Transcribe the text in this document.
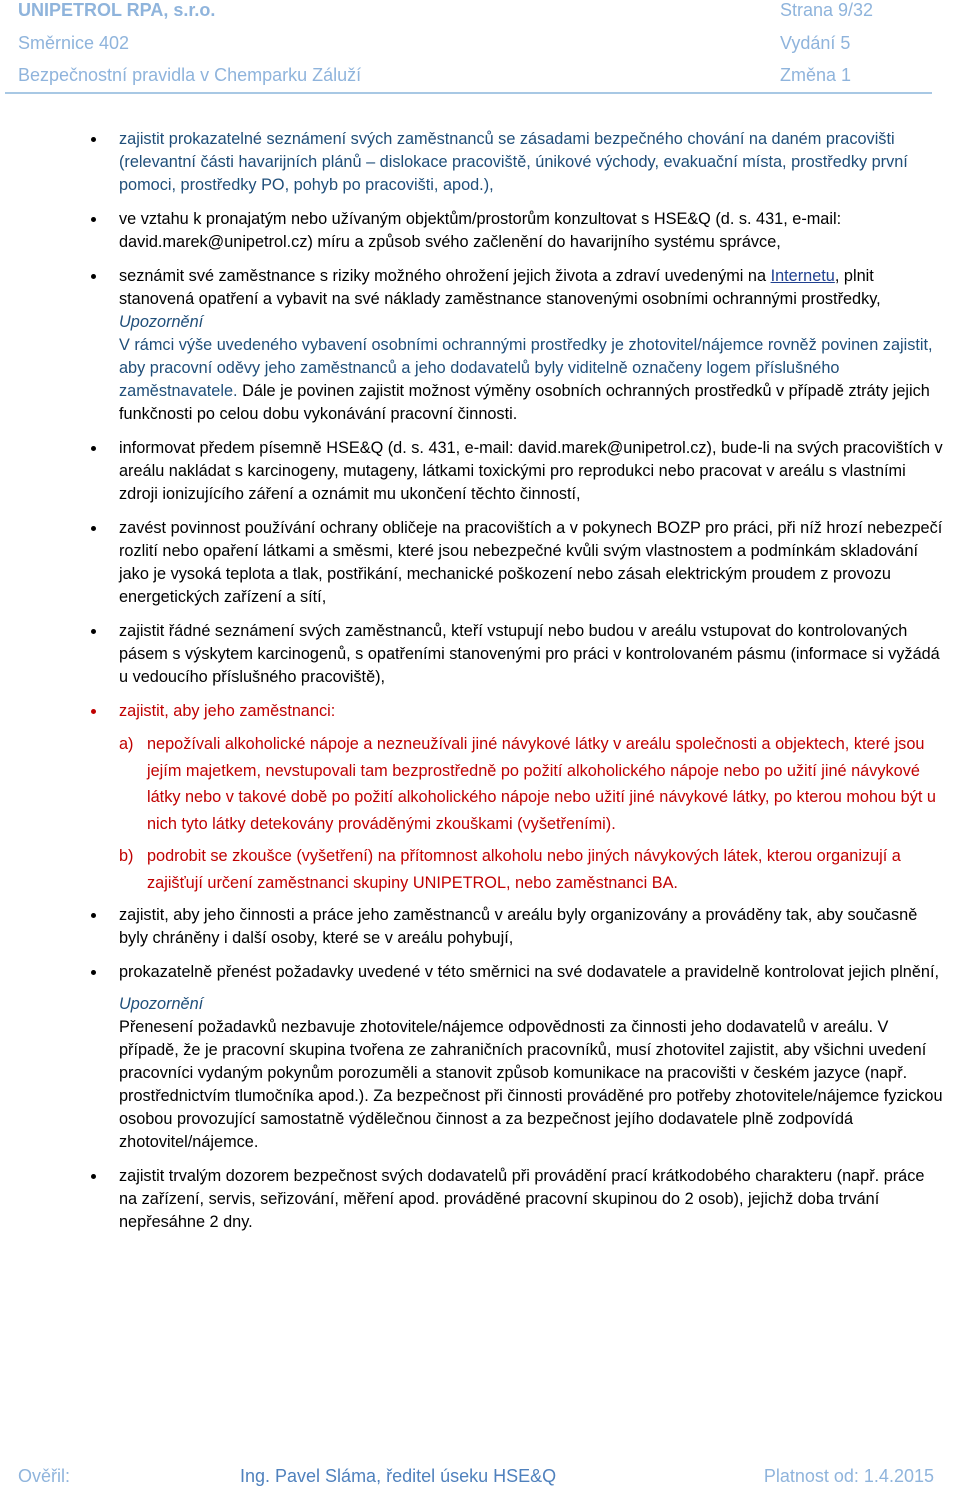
UNIPETROL RPA, s.r.o.	Strana 9/32
Směrnice 402	Vydání 5
Bezpečnostní pravidla v Chemparku Záluží	Změna 1
zajistit prokazatelné seznámení svých zaměstnanců se zásadami bezpečného chování na daném pracovišti (relevantní části havarijních plánů – dislokace pracoviště, únikové východy, evakuační místa, prostředky první pomoci, prostředky PO, pohyb po pracovišti, apod.),
ve vztahu k pronajatým nebo užívaným objektům/prostorům konzultovat s HSE&Q (d. s. 431, e-mail: david.marek@unipetrol.cz) míru a způsob svého začlenění do havarijního systému správce,
seznámit své zaměstnance s riziky možného ohrožení jejich života a zdraví uvedenými na Internetu, plnit stanovená opatření a vybavit na své náklady zaměstnance stanovenými osobními ochrannými prostředky,
Upozornění
V rámci výše uvedeného vybavení osobními ochrannými prostředky je zhotovitel/nájemce rovněž povinen zajistit, aby pracovní oděvy jeho zaměstnanců a jeho dodavatelů byly viditelně označeny logem příslušného zaměstnavatele. Dále je povinen zajistit možnost výměny osobních ochranných prostředků v případě ztráty jejich funkčnosti po celou dobu vykonávání pracovní činnosti.
informovat předem písemně HSE&Q (d. s. 431, e-mail: david.marek@unipetrol.cz), bude-li na svých pracovištích v areálu nakládat s karcinogeny, mutageny, látkami toxickými pro reprodukci nebo pracovat v areálu s vlastními zdroji ionizujícího záření a oznámit mu ukončení těchto činností,
zavést povinnost používání ochrany obličeje na pracovištích a v pokynech BOZP pro práci, při níž hrozí nebezpečí rozlití nebo opaření látkami a směsmi, které jsou nebezpečné kvůli svým vlastnostem a podmínkám skladování jako je vysoká teplota a tlak, postřikání, mechanické poškození nebo zásah elektrickým proudem z provozu energetických zařízení a sítí,
zajistit řádné seznámení svých zaměstnanců, kteří vstupují nebo budou v areálu vstupovat do kontrolovaných pásem s výskytem karcinogenů, s opatřeními stanovenými pro práci v kontrolovaném pásmu (informace si vyžádá u vedoucího příslušného pracoviště),
zajistit, aby jeho zaměstnanci:
a) nepožívali alkoholické nápoje a nezneužívali jiné návykové látky v areálu společnosti a objektech, které jsou jejím majetkem, nevstupovali tam bezprostředně po požití alkoholického nápoje nebo po užití jiné návykové látky nebo v takové době po požití alkoholického nápoje nebo užití jiné návykové látky, po kterou mohou být u nich tyto látky detekovány prováděnými zkouškami (vyšetřeními).
b) podrobit se zkoušce (vyšetření) na přítomnost alkoholu nebo jiných návykových látek, kterou organizují a zajišťují určení zaměstnanci skupiny UNIPETROL, nebo zaměstnanci BA.
zajistit, aby jeho činnosti a práce jeho zaměstnanců v areálu byly organizovány a prováděny tak, aby současně byly chráněny i další osoby, které se v areálu pohybují,
prokazatelně přenést požadavky uvedené v této směrnici na své dodavatele a pravidelně kontrolovat jejich plnění,

Upozornění
Přenesení požadavků nezbavuje zhotovitele/nájemce odpovědnosti za činnosti jeho dodavatelů v areálu. V případě, že je pracovní skupina tvořena ze zahraničních pracovníků, musí zhotovitel zajistit, aby všichni uvedení pracovníci vydaným pokynům porozuměli a stanovit způsob komunikace na pracovišti v českém jazyce (např. prostřednictvím tlumočníka apod.). Za bezpečnost při činnosti prováděné pro potřeby zhotovitele/nájemce fyzickou osobou provozující samostatně výdělečnou činnost a za bezpečnost jejího dodavatele plně zodpovídá zhotovitel/nájemce.
zajistit trvalým dozorem bezpečnost svých dodavatelů při provádění prací krátkodobého charakteru (např. práce na zařízení, servis, seřizování, měření apod. prováděné pracovní skupinou do 2 osob), jejichž doba trvání nepřesáhne 2 dny.
Ověřil:	Ing. Pavel Sláma, ředitel úseku HSE&Q	Platnost od: 1.4.2015
